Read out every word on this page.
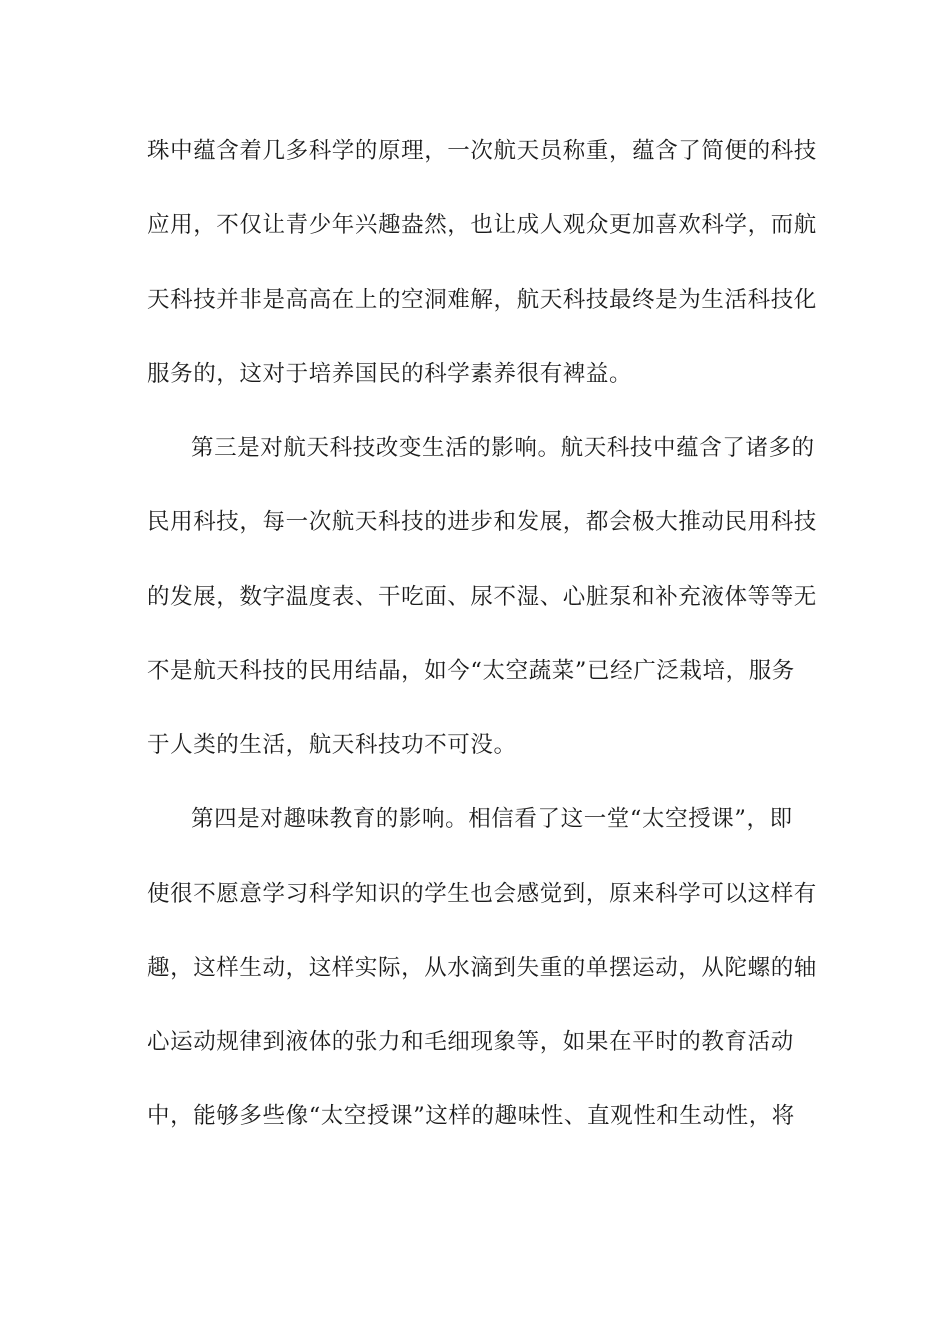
珠中蕴含着几多科学的原理，一次航天员称重，蕴含了简便的科技
应用，不仅让青少年兴趣盎然，也让成人观众更加喜欢科学，而航
天科技并非是高高在上的空洞难解，航天科技最终是为生活科技化
服务的，这对于培养国民的科学素养很有裨益。
第三是对航天科技改变生活的影响。航天科技中蕴含了诸多的
民用科技，每一次航天科技的进步和发展，都会极大推动民用科技
的发展，数字温度表、干吃面、尿不湿、心脏泵和补充液体等等无
不是航天科技的民用结晶，如今“太空蔬菜”已经广泛栽培，服务
于人类的生活，航天科技功不可没。
第四是对趣味教育的影响。相信看了这一堂“太空授课”，即
使很不愿意学习科学知识的学生也会感觉到，原来科学可以这样有
趣，这样生动，这样实际，从水滴到失重的单摆运动，从陀螺的轴
心运动规律到液体的张力和毛细现象等，如果在平时的教育活动
中，能够多些像“太空授课”这样的趣味性、直观性和生动性，将
